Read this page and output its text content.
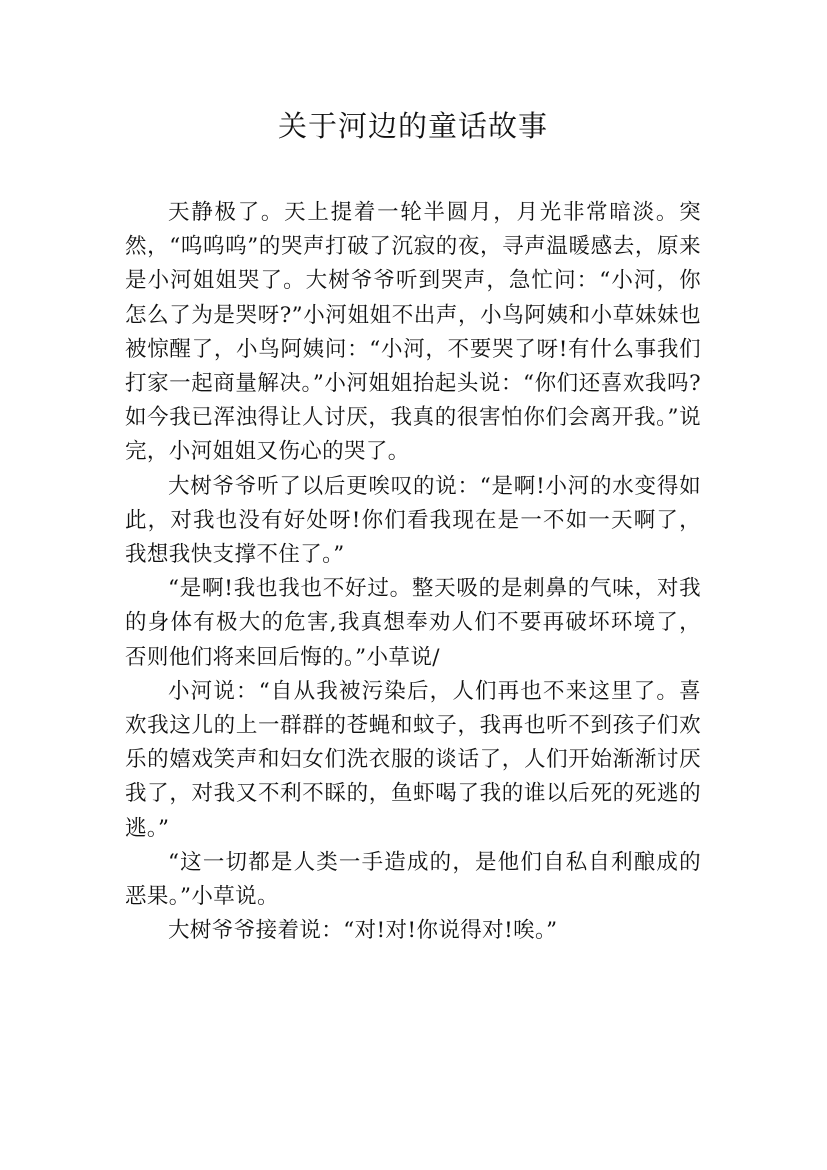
关于河边的童话故事

天静极了。天上提着一轮半圆月，月光非常暗淡。突然，“呜呜呜”的哭声打破了沉寂的夜，寻声温暖感去，原来是小河姐姐哭了。大树爷爷听到哭声，急忙问：“小河，你怎么了为是哭呀?”小河姐姐不出声，小鸟阿姨和小草妹妹也被惊醒了，小鸟阿姨问：“小河，不要哭了呀!有什么事我们打家一起商量解决。”小河姐姐抬起头说：“你们还喜欢我吗?如今我已浑浊得让人讨厌，我真的很害怕你们会离开我。”说完，小河姐姐又伤心的哭了。

大树爷爷听了以后更唉叹的说：“是啊!小河的水变得如此，对我也没有好处呀!你们看我现在是一不如一天啊了，我想我快支撑不住了。”

“是啊!我也我也不好过。整天吸的是刺鼻的气味，对我的身体有极大的危害,我真想奉劝人们不要再破坏环境了，否则他们将来回后悔的。”小草说/

小河说：“自从我被污染后，人们再也不来这里了。喜欢我这儿的上一群群的苍蝇和蚊子，我再也听不到孩子们欢乐的嬉戏笑声和妇女们洗衣服的谈话了，人们开始渐渐讨厌我了，对我又不利不睬的，鱼虾喝了我的谁以后死的死逃的逃。”

“这一切都是人类一手造成的，是他们自私自利酿成的恶果。”小草说。

大树爷爷接着说：“对!对!你说得对!唉。”
